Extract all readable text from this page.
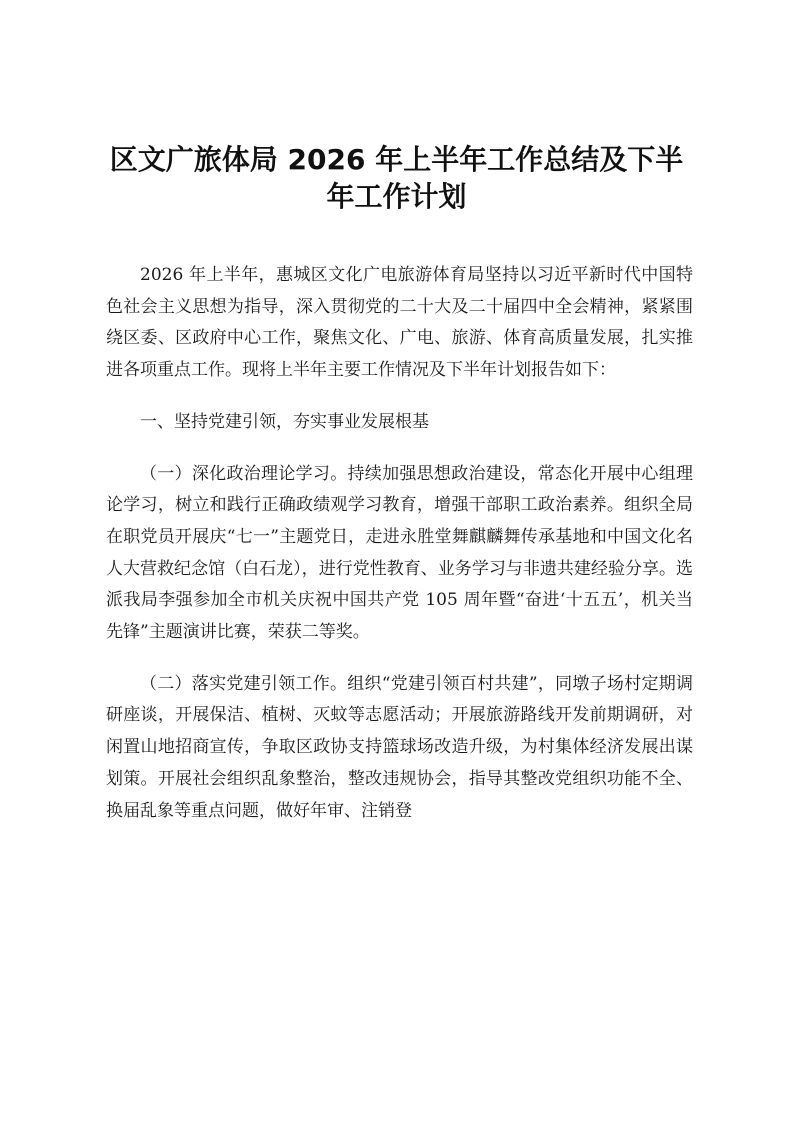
区文广旅体局 2026 年上半年工作总结及下半
年工作计划

2026 年上半年，惠城区文化广电旅游体育局坚持以习近平新时代中国特色社会主义思想为指导，深入贯彻党的二十大及二十届四中全会精神，紧紧围绕区委、区政府中心工作，聚焦文化、广电、旅游、体育高质量发展，扎实推进各项重点工作。现将上半年主要工作情况及下半年计划报告如下：

一、坚持党建引领，夯实事业发展根基

（一）深化政治理论学习。持续加强思想政治建设，常态化开展中心组理论学习，树立和践行正确政绩观学习教育，增强干部职工政治素养。组织全局在职党员开展庆“七一”主题党日，走进永胜堂舞麒麟舞传承基地和中国文化名人大营救纪念馆（白石龙），进行党性教育、业务学习与非遗共建经验分享。选派我局李强参加全市机关庆祝中国共产党 105 周年暨“奋进‘十五五’，机关当先锋”主题演讲比赛，荣获二等奖。

（二）落实党建引领工作。组织“党建引领百村共建”，同墩子场村定期调研座谈，开展保洁、植树、灭蚊等志愿活动；开展旅游路线开发前期调研，对闲置山地招商宣传，争取区政协支持篮球场改造升级，为村集体经济发展出谋划策。开展社会组织乱象整治，整改违规协会，指导其整改党组织功能不全、换届乱象等重点问题，做好年审、注销登
